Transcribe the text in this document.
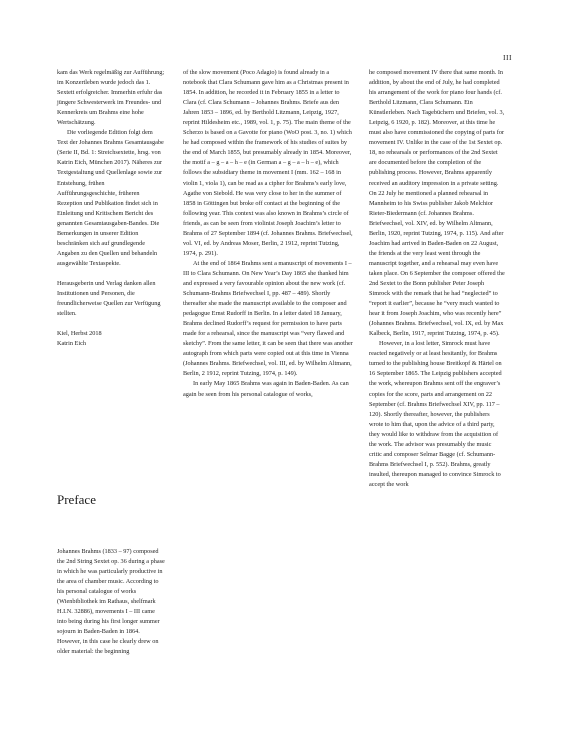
III

kam das Werk regelmäßig zur Aufführung; im Konzertleben wurde jedoch das 1. Sextett erfolgreicher. Immerhin erfuhr das jüngere Schwesterwerk im Freundes- und Kennerkreis um Brahms eine hohe Wertschätzung.

Die vorliegende Edition folgt dem Text der Johannes Brahms Gesamtausgabe (Serie II, Bd. 1: Streichsextette, hrsg. von Katrin Eich, München 2017). Näheres zur Textgestaltung und Quellenlage sowie zur Entstehung, frühen Aufführungsgeschichte, früheren Rezeption und Publikation findet sich in Einleitung und Kritischem Bericht des genannten Gesamtausgaben-Bandes. Die Bemerkungen in unserer Edition beschränken sich auf grundlegende Angaben zu den Quellen und behandeln ausgewählte Textaspekte.

Herausgeberin und Verlag danken allen Institutionen und Personen, die freundlicherweise Quellen zur Verfügung stellten.

Kiel, Herbst 2018

Katrin Eich

Preface

Johannes Brahms (1833 – 97) composed the 2nd String Sextet op. 36 during a phase in which he was particularly productive in the area of chamber music. According to his personal catalogue of works (Wienbibliothek im Rathaus, shelfmark H.I.N. 32886), movements I – III came into being during his first longer summer sojourn in Baden-Baden in 1864. However, in this case he clearly drew on older material: the beginning

of the slow movement (Poco Adagio) is found already in a notebook that Clara Schumann gave him as a Christmas present in 1854. In addition, he recorded it in February 1855 in a letter to Clara (cf. Clara Schumann – Johannes Brahms. Briefe aus den Jahren 1853 – 1896, ed. by Berthold Litzmann, Leipzig, 1927, reprint Hildesheim etc., 1989, vol. 1, p. 75). The main theme of the Scherzo is based on a Gavotte for piano (WoO post. 3, no. 1) which he had composed within the framework of his studies of suites by the end of March 1855, but presumably already in 1854. Moreover, the motif a – g – a – h – e (in German a – g – a – h – e), which follows the subsidiary theme in movement I (mm. 162 – 168 in violin 1, viola 1), can be read as a cipher for Brahms’s early love, Agathe von Siebold. He was very close to her in the summer of 1858 in Göttingen but broke off contact at the beginning of the following year. This context was also known in Brahms’s circle of friends, as can be seen from violinist Joseph Joachim’s letter to Brahms of 27 September 1894 (cf. Johannes Brahms. Briefwechsel, vol. VI, ed. by Andreas Moser, Berlin, 2 1912, reprint Tutzing, 1974, p. 291).

At the end of 1864 Brahms sent a manuscript of movements I – III to Clara Schumann. On New Year’s Day 1865 she thanked him and expressed a very favourable opinion about the new work (cf. Schumann-Brahms Briefwechsel I, pp. 487 – 489). Shortly thereafter she made the manuscript available to the composer and pedagogue Ernst Rudorff in Berlin. In a letter dated 18 January, Brahms declined Rudorff’s request for permission to have parts made for a rehearsal, since the manuscript was “very flawed and sketchy”. From the same letter, it can be seen that there was another autograph from which parts were copied out at this time in Vienna (Johannes Brahms. Briefwechsel, vol. III, ed. by Wilhelm Altmann, Berlin, 2 1912, reprint Tutzing, 1974, p. 149).

In early May 1865 Brahms was again in Baden-Baden. As can again be seen from his personal catalogue of works,

he composed movement IV there that same month. In addition, by about the end of July, he had completed his arrangement of the work for piano four hands (cf. Berthold Litzmann, Clara Schumann. Ein Künstlerleben. Nach Tagebüchern und Briefen, vol. 3, Leipzig, 6 1920, p. 182). Moreover, at this time he must also have commissioned the copying of parts for movement IV. Unlike in the case of the 1st Sextet op. 18, no rehearsals or performances of the 2nd Sextet are documented before the completion of the publishing process. However, Brahms apparently received an auditory impression in a private setting. On 22 July he mentioned a planned rehearsal in Mannheim to his Swiss publisher Jakob Melchior Rieter-Biedermann (cf. Johannes Brahms. Briefwechsel, vol. XIV, ed. by Wilhelm Altmann, Berlin, 1920, reprint Tutzing, 1974, p. 115). And after Joachim had arrived in Baden-Baden on 22 August, the friends at the very least went through the manuscript together, and a rehearsal may even have taken place. On 6 September the composer offered the 2nd Sextet to the Bonn publisher Peter Joseph Simrock with the remark that he had “neglected” to “report it earlier”, because he “very much wanted to hear it from Joseph Joachim, who was recently here” (Johannes Brahms. Briefwechsel, vol. IX, ed. by Max Kalbeck, Berlin, 1917, reprint Tutzing, 1974, p. 45).

However, in a lost letter, Simrock must have reacted negatively or at least hesitantly, for Brahms turned to the publishing house Breitkopf & Härtel on 16 September 1865. The Leipzig publishers accepted the work, whereupon Brahms sent off the engraver’s copies for the score, parts and arrangement on 22 September (cf. Brahms Briefwechsel XIV, pp. 117 – 120). Shortly thereafter, however, the publishers wrote to him that, upon the advice of a third party, they would like to withdraw from the acquisition of the work. The advisor was presumably the music critic and composer Selmar Bagge (cf. Schumann-Brahms Briefwechsel I, p. 552). Brahms, greatly insulted, thereupon managed to convince Simrock to accept the work
